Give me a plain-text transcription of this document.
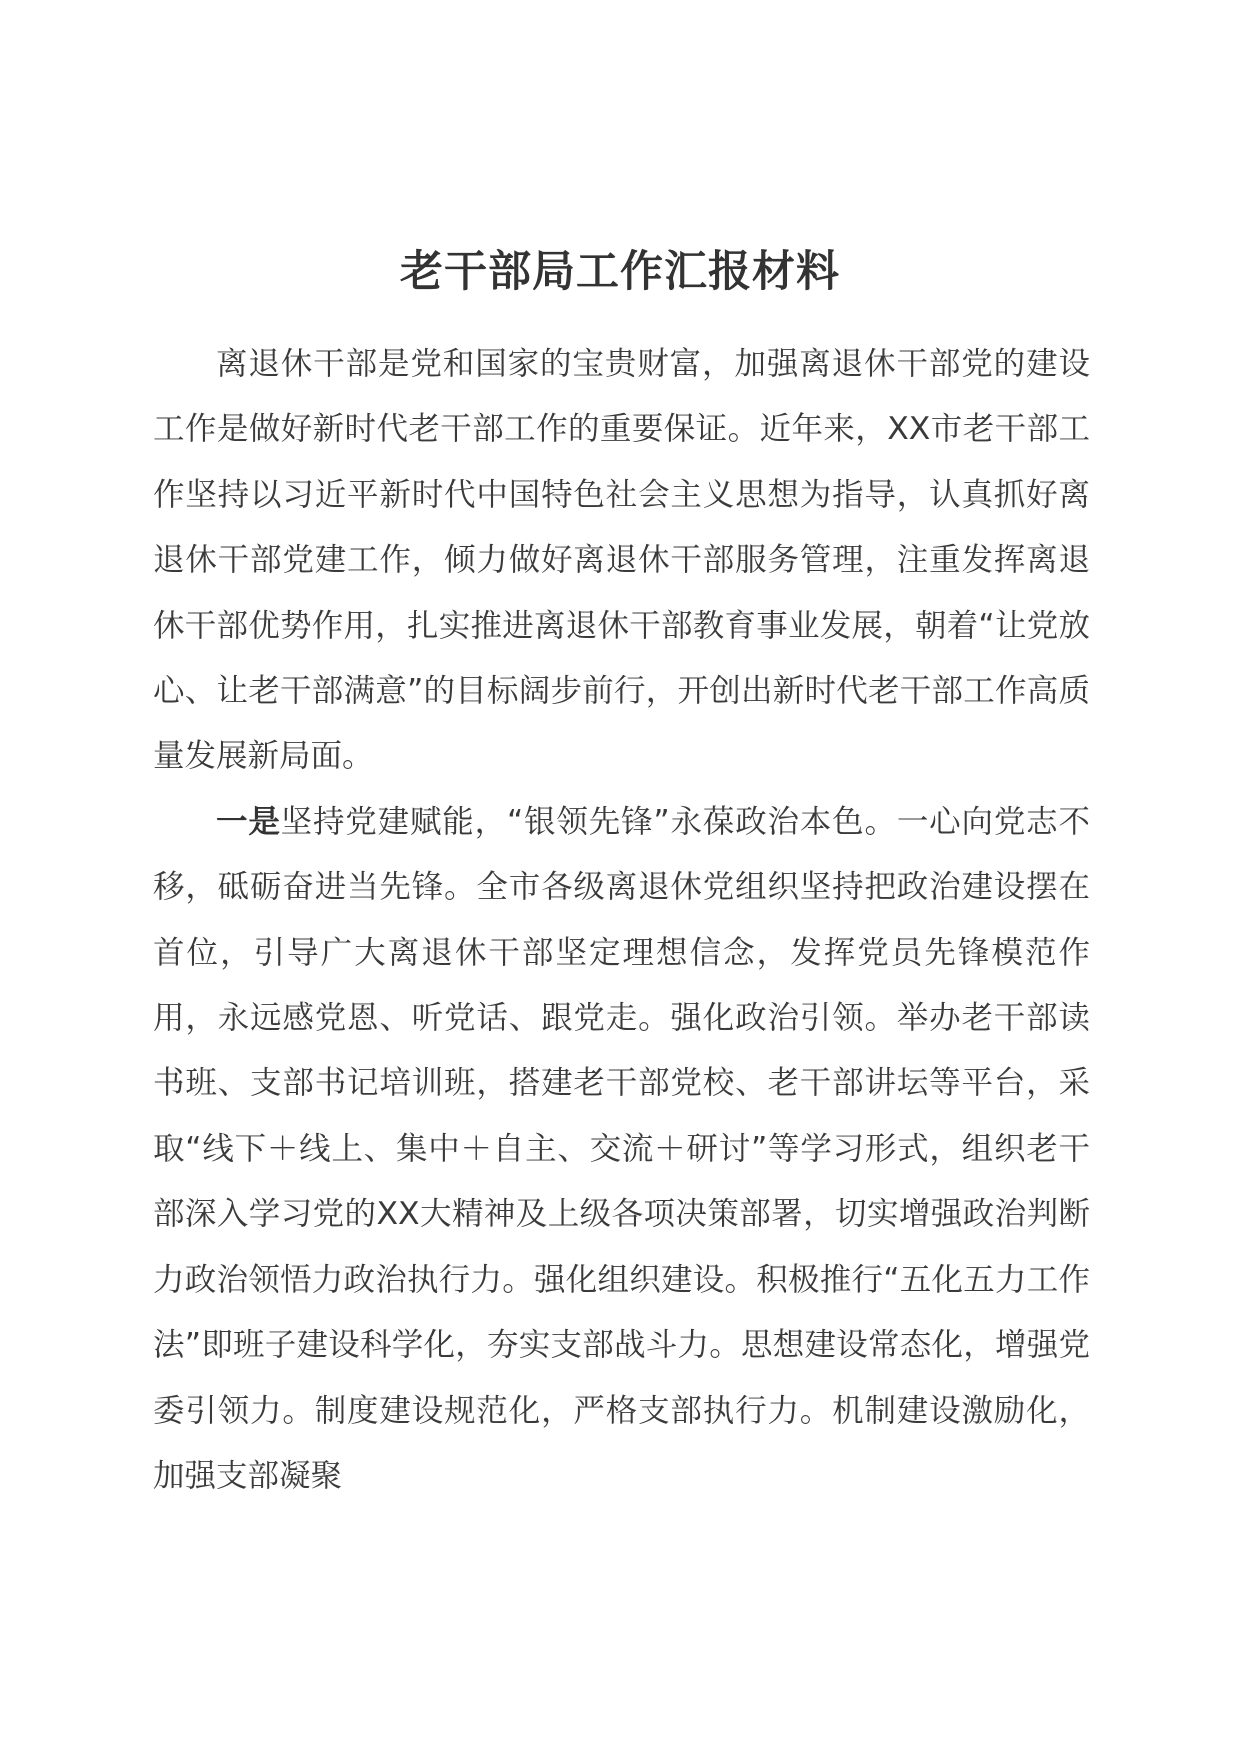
老干部局工作汇报材料

离退休干部是党和国家的宝贵财富，加强离退休干部党的建设工作是做好新时代老干部工作的重要保证。近年来，XX市老干部工作坚持以习近平新时代中国特色社会主义思想为指导，认真抓好离退休干部党建工作，倾力做好离退休干部服务管理，注重发挥离退休干部优势作用，扎实推进离退休干部教育事业发展，朝着“让党放心、让老干部满意”的目标阔步前行，开创出新时代老干部工作高质量发展新局面。

一是坚持党建赋能，“银领先锋”永葆政治本色。一心向党志不移，砥砺奋进当先锋。全市各级离退休党组织坚持把政治建设摆在首位，引导广大离退休干部坚定理想信念，发挥党员先锋模范作用，永远感党恩、听党话、跟党走。强化政治引领。举办老干部读书班、支部书记培训班，搭建老干部党校、老干部讲坛等平台，采取“线下＋线上、集中＋自主、交流＋研讨”等学习形式，组织老干部深入学习党的XX大精神及上级各项决策部署，切实增强政治判断力政治领悟力政治执行力。强化组织建设。积极推行“五化五力工作法”即班子建设科学化，夯实支部战斗力。思想建设常态化，增强党委引领力。制度建设规范化，严格支部执行力。机制建设激励化，加强支部凝聚
